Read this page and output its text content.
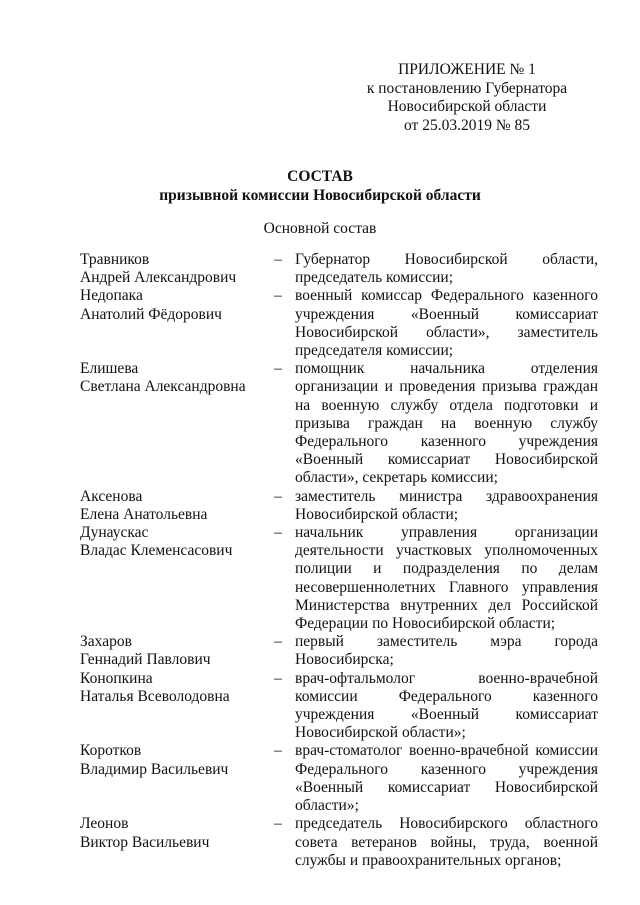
ПРИЛОЖЕНИЕ № 1
к постановлению Губернатора
Новосибирской области
от 25.03.2019 № 85
СОСТАВ
призывной комиссии Новосибирской области
Основной состав
Травников
Андрей Александрович
– Губернатор Новосибирской области, председатель комиссии;
Недопака
Анатолий Фёдорович
– военный комиссар Федерального казенного учреждения «Военный комиссариат Новосибирской области», заместитель председателя комиссии;
Елишева
Светлана Александровна
– помощник начальника отделения организации и проведения призыва граждан на военную службу отдела подготовки и призыва граждан на военную службу Федерального казенного учреждения «Военный комиссариат Новосибирской области», секретарь комиссии;
Аксенова
Елена Анатольевна
– заместитель министра здравоохранения Новосибирской области;
Дунаускас
Владас Клеменсасович
– начальник управления организации деятельности участковых уполномоченных полиции и подразделения по делам несовершеннолетних Главного управления Министерства внутренних дел Российской Федерации по Новосибирской области;
Захаров
Геннадий Павлович
– первый заместитель мэра города Новосибирска;
Конопкина
Наталья Всеволодовна
– врач-офтальмолог военно-врачебной комиссии Федерального казенного учреждения «Военный комиссариат Новосибирской области»;
Коротков
Владимир Васильевич
– врач-стоматолог военно-врачебной комиссии Федерального казенного учреждения «Военный комиссариат Новосибирской области»;
Леонов
Виктор Васильевич
– председатель Новосибирского областного совета ветеранов войны, труда, военной службы и правоохранительных органов;
